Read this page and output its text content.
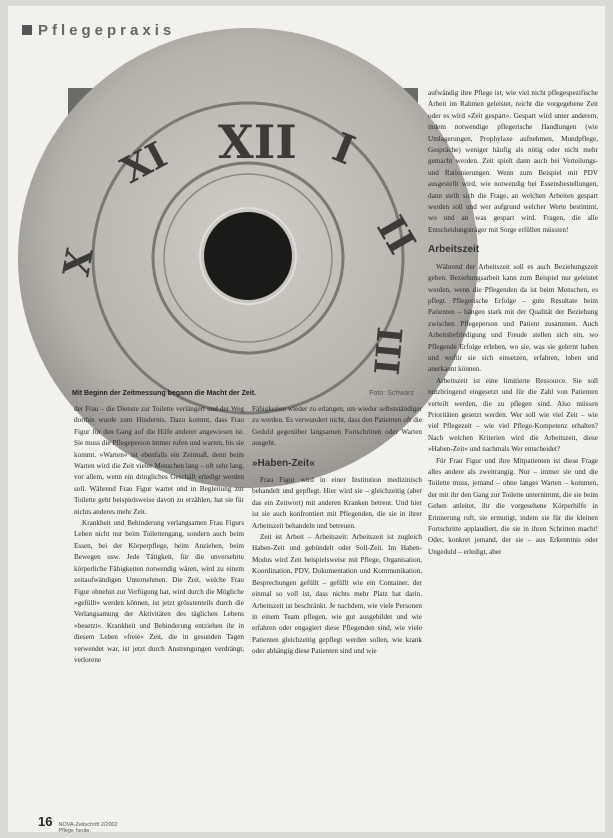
Pflegepraxis
XII
XI	I
II
III
X
Mit Beginn der Zeitmessung begann die Macht der Zeit.	Foto: Schwarz

der Frau – die Dienste zur Toilette verlängert und der Weg dorthin wurde zum Hindernis. Dazu kommt, dass Frau Figur für den Gang auf die Hilfe anderer angewiesen ist. Sie muss die Pflegeperson immer rufen und warten, bis sie kommt. »Warten« ist ebenfalls ein Zeitmaß, denn beim Warten wird die Zeit vieler Menschen lang – oft sehr lang, vor allem, wenn ein dringliches Geschäft erledigt werden soll. Während Frau Figur wartet und in Begleitung zur Toilette geht beispielsweise davon zu erzählen, hat sie für nichts anderes mehr Zeit.

Krankheit und Behinderung verlangsamen Frau Figurs Leben nicht nur beim Toilettengang, sondern auch beim Essen, bei der Körperpflege, beim Anziehen, beim Bewegen usw. Jede Tätigkeit, für die unversehrte körperliche Fähigkeiten notwendig wären, wird zu einem zeitaufwändigen Unternehmen. Die Zeit, welche Frau Figur ohnehin zur Verfügung hat, wird durch die Mögliche »gefüllt« werden können, ist jetzt grösstenteils durch die Verlangsamung der Aktivitäten des täglichen Lebens »besetzt«. Krankheit und Behinderung entziehen ihr in diesem Leben »freie« Zeit, die in gesunden Tagen verwendet war, ist jetzt durch Anstrengungen verdrängt, verlorene

Fähigkeiten wieder zu erlangen, um wieder selbstständiger zu werden. Es verwundert nicht, dass den Patienten oft die Geduld gegenüber langsamen Fortschritten oder Warten ausgeht.

»Haben-Zeit«

Frau Figur wird in einer Institution medizinisch behandelt und gepflegt. Hier wird sie – gleichzeitig (aber das ein Zeitwort) mit anderen Kranken betreut. Und hier ist sie auch konfrontiert mit Pflegenden, die sie in ihrer Arbeitszeit behandeln und betreuen.

Zeit ist Arbeit – Arbeitszeit: Arbeitszeit ist zugleich Haben-Zeit und gebündelt oder Soll-Zeit. Im Haben-Modus wird Zeit beispielsweise mit Pflege, Organisation, Koordination, PDV, Dokumentation und Kommunikation, Besprechungen gefüllt – gefüllt wie ein Container, der einmal so voll ist, dass nichts mehr Platz hat darin. Arbeitszeit ist beschränkt. Je nachdem, wie viele Personen in einem Team pflegen, wie gut ausgebildet und wie erfahren oder engagiert diese Pflegenden sind, wie viele Patienten gleichzeitig gepflegt werden sollen, wie krank oder abhängig diese Patienten sind und wie

aufwändig ihre Pflege ist, wie viel nicht pflegespezifische Arbeit im Rahmen geleistet, reicht die vorgegebene Zeit oder es wird »Zeit gespart«. Gespart wird unter anderem, indem notwendige pflegerische Handlungen (wie Umlagerungen, Prophylaxe aufnehmen, Mundpflege, Gespräche) weniger häufig als nötig oder nicht mehr gemacht werden. Zeit spielt dann auch bei Verteilungs- und Rationierungen. Wenn zum Beispiel mit PDV ausgestellt wird, wie notwendig bei Essensbestellungen, dann stellt sich die Frage, an welchen Arbeiten gespart werden soll und wer aufgrund welcher Werte bestimmt, wo und an was gespart wird. Fragen, die alle Entscheidungsträger mit Sorge erfüllen müssten!

Arbeitszeit

Während der Arbeitszeit soll es auch Beziehungszeit geben. Beziehungsarbeit kann zum Beispiel nur geleistet werden, wenn die Pflegenden da ist beim Menschen, es pflegt. Pflegerische Erfolge – gute Resultate beim Patienten – hängen stark mit der Qualität der Beziehung zwischen Pflegeperson und Patient zusammen. Auch Arbeitsbefriedigung und Freude stellen sich ein, wo Pflegende Erfolge erleben, wo sie, was sie gelernt haben und wofür sie sich einsetzen, erfahren, loben und anerkannt können.

Arbeitszeit ist eine limitierte Ressource. Sie soll nutzbringend eingesetzt und für die Zahl von Patienten verteilt werden, die zu pflegen sind. Also müssen Prioritäten gesetzt werden. Wer soll wie viel Zeit – wie viel Pflegezeit – wie viel Pflege-Kompetenz erhalten? Nach welchen Kriterien wird die Arbeitszeit, diese »Haben-Zeit« und nachmals Wer entscheidet?

Für Frau Figur und ihre Mitpatienten ist diese Frage alles andere als zweitrangig. Nur – immer sie und die Toilette muss, jemand – ohne langes Warten – kommen, der mit ihr den Gang zur Toilette unternimmt, die sie beim Gehen anleitet, ihr die vorgesehene Körperhilfe in Erinnerung ruft, sie ermutigt, indem sie für die kleinen Fortschritte applaudiert, die sie in ihren Schritten macht! Oder, konkret jemand, der sie – aus Erkenntnis oder Ungeduld – erledigt, aber

16 NOVA-Zeitschrift 2/2002
Pflege heute
